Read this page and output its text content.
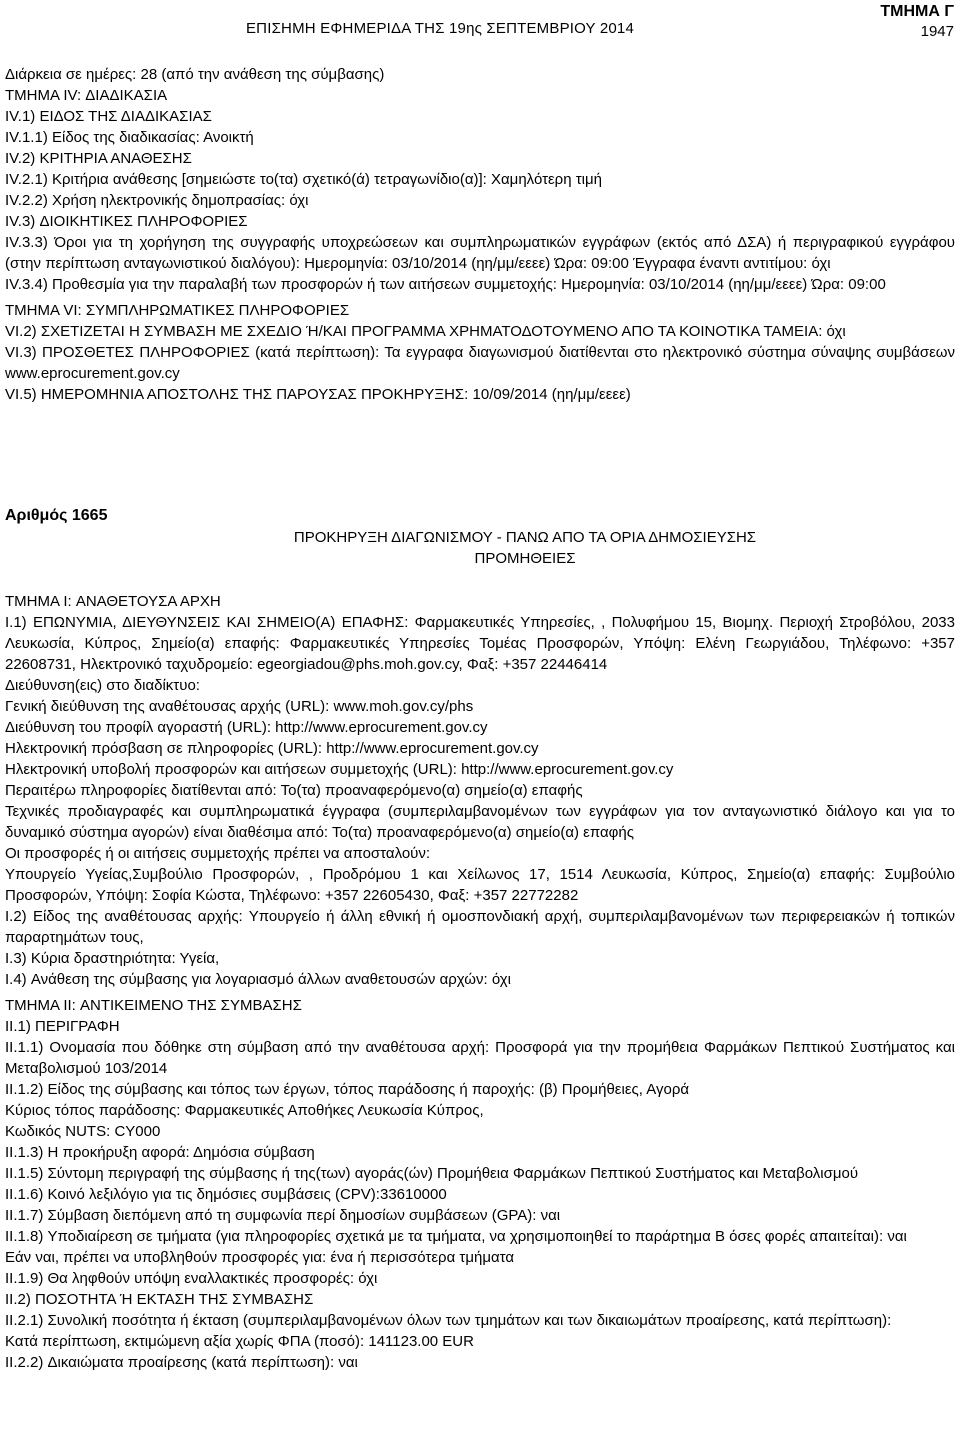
ΕΠΙΣΗΜΗ ΕΦΗΜΕΡΙΔΑ ΤΗΣ 19ης ΣΕΠΤΕΜΒΡΙΟΥ 2014
ΤΜΗΜΑ Γ
1947
Διάρκεια σε ημέρες: 28 (από την ανάθεση της σύμβασης)
ΤΜΗΜΑ IV: ΔΙΑΔΙΚΑΣΙΑ
IV.1) ΕΙΔΟΣ ΤΗΣ ΔΙΑΔΙΚΑΣΙΑΣ
IV.1.1) Είδος της διαδικασίας: Ανοικτή
IV.2) ΚΡΙΤΗΡΙΑ ΑΝΑΘΕΣΗΣ
IV.2.1) Κριτήρια ανάθεσης [σημειώστε το(τα) σχετικό(ά) τετραγωνίδιο(α)]: Χαμηλότερη τιμή
IV.2.2) Χρήση ηλεκτρονικής δημοπρασίας: όχι
IV.3) ΔΙΟΙΚΗΤΙΚΕΣ ΠΛΗΡΟΦΟΡΙΕΣ

IV.3.3) Όροι για τη χορήγηση της συγγραφής υποχρεώσεων και συμπληρωματικών εγγράφων (εκτός από ΔΣΑ) ή περιγραφικού εγγράφου (στην περίπτωση ανταγωνιστικού διαλόγου): Ημερομηνία: 03/10/2014 (ηη/μμ/εεεε) Ώρα: 09:00 Έγγραφα έναντι αντιτίμου: όχι

IV.3.4) Προθεσμία για την παραλαβή των προσφορών ή των αιτήσεων συμμετοχής: Ημερομηνία: 03/10/2014 (ηη/μμ/εεεε) Ώρα: 09:00

ΤΜΗΜΑ VI: ΣΥΜΠΛΗΡΩΜΑΤΙΚΕΣ ΠΛΗΡΟΦΟΡΙΕΣ

VI.2) ΣΧΕΤΙΖΕΤΑΙ Η ΣΥΜΒΑΣΗ ΜΕ ΣΧΕΔΙΟ Ή/ΚΑΙ ΠΡΟΓΡΑΜΜΑ ΧΡΗΜΑΤΟΔΟΤΟΥΜΕΝΟ ΑΠΟ ΤΑ ΚΟΙΝΟΤΙΚΑ ΤΑΜΕΙΑ: όχι

VI.3) ΠΡΟΣΘΕΤΕΣ ΠΛΗΡΟΦΟΡΙΕΣ (κατά περίπτωση): Τα εγγραφα διαγωνισμού διατίθενται στο ηλεκτρονικό σύστημα σύναψης συμβάσεων www.eprocurement.gov.cy

VI.5) ΗΜΕΡΟΜΗΝΙΑ ΑΠΟΣΤΟΛΗΣ ΤΗΣ ΠΑΡΟΥΣΑΣ ΠΡΟΚΗΡΥΞΗΣ: 10/09/2014 (ηη/μμ/εεεε)
Αριθμός 1665
ΠΡΟΚΗΡΥΞΗ ΔΙΑΓΩΝΙΣΜΟΥ - ΠΑΝΩ ΑΠΟ ΤΑ ΟΡΙΑ ΔΗΜΟΣΙΕΥΣΗΣ
ΠΡΟΜΗΘΕΙΕΣ
ΤΜΗΜΑ I: ΑΝΑΘΕΤΟΥΣΑ ΑΡΧΗ

I.1) ΕΠΩΝΥΜΙΑ, ΔΙΕΥΘΥΝΣΕΙΣ ΚΑΙ ΣΗΜΕΙΟ(Α) ΕΠΑΦΗΣ: Φαρμακευτικές Υπηρεσίες, , Πολυφήμου 15, Βιομηχ. Περιοχή Στροβόλου, 2033 Λευκωσία, Κύπρος, Σημείο(α) επαφής: Φαρμακευτικές Υπηρεσίες Τομέας Προσφορών, Υπόψη: Ελένη Γεωργιάδου, Τηλέφωνο: +357 22608731, Ηλεκτρονικό ταχυδρομείο: egeorgiadou@phs.moh.gov.cy, Φαξ: +357 22446414

Διεύθυνση(εις) στο διαδίκτυο:
Γενική διεύθυνση της αναθέτουσας αρχής (URL): www.moh.gov.cy/phs
Διεύθυνση του προφίλ αγοραστή (URL): http://www.eprocurement.gov.cy
Ηλεκτρονική πρόσβαση σε πληροφορίες (URL): http://www.eprocurement.gov.cy
Ηλεκτρονική υποβολή προσφορών και αιτήσεων συμμετοχής (URL): http://www.eprocurement.gov.cy
Περαιτέρω πληροφορίες διατίθενται από: Το(τα) προαναφερόμενο(α) σημείο(α) επαφής

Τεχνικές προδιαγραφές και συμπληρωματικά έγγραφα (συμπεριλαμβανομένων των εγγράφων για τον ανταγωνιστικό διάλογο και για το δυναμικό σύστημα αγορών) είναι διαθέσιμα από: Το(τα) προαναφερόμενο(α) σημείο(α) επαφής

Οι προσφορές ή οι αιτήσεις συμμετοχής πρέπει να αποσταλούν:

Υπουργείο Υγείας,Συμβούλιο Προσφορών, , Προδρόμου 1 και Χείλωνος 17, 1514 Λευκωσία, Κύπρος, Σημείο(α) επαφής: Συμβούλιο Προσφορών, Υπόψη: Σοφία Κώστα, Τηλέφωνο: +357 22605430, Φαξ: +357 22772282

I.2) Είδος της αναθέτουσας αρχής: Υπουργείο ή άλλη εθνική ή ομοσπονδιακή αρχή, συμπεριλαμβανομένων των περιφερειακών ή τοπικών παραρτημάτων τους,

I.3) Κύρια δραστηριότητα: Υγεία,
I.4) Ανάθεση της σύμβασης για λογαριασμό άλλων αναθετουσών αρχών: όχι
ΤΜΗΜΑ II: ΑΝΤΙΚΕΙΜΕΝΟ ΤΗΣ ΣΥΜΒΑΣΗΣ
II.1) ΠΕΡΙΓΡΑΦΗ

II.1.1) Ονομασία που δόθηκε στη σύμβαση από την αναθέτουσα αρχή: Προσφορά για την προμήθεια Φαρμάκων Πεπτικού Συστήματος και Μεταβολισμού 103/2014

II.1.2) Είδος της σύμβασης και τόπος των έργων, τόπος παράδοσης ή παροχής: (β) Προμήθειες, Αγορά
Κύριος τόπος παράδοσης: Φαρμακευτικές Αποθήκες Λευκωσία Κύπρος,
Κωδικός NUTS: CY000
II.1.3) Η προκήρυξη αφορά: Δημόσια σύμβαση

II.1.5) Σύντομη περιγραφή της σύμβασης ή της(των) αγοράς(ών) Προμήθεια Φαρμάκων Πεπτικού Συστήματος και Μεταβολισμού

II.1.6) Κοινό λεξιλόγιο για τις δημόσιες συμβάσεις (CPV):33610000
II.1.7) Σύμβαση διεπόμενη από τη συμφωνία περί δημοσίων συμβάσεων (GPA): ναι

II.1.8) Υποδιαίρεση σε τμήματα (για πληροφορίες σχετικά με τα τμήματα, να χρησιμοποιηθεί το παράρτημα Β όσες φορές απαιτείται): ναι

Εάν ναι, πρέπει να υποβληθούν προσφορές για: ένα ή περισσότερα τμήματα
II.1.9) Θα ληφθούν υπόψη εναλλακτικές προσφορές: όχι
II.2) ΠΟΣΟΤΗΤΑ Ή ΕΚΤΑΣΗ ΤΗΣ ΣΥΜΒΑΣΗΣ

II.2.1) Συνολική ποσότητα ή έκταση (συμπεριλαμβανομένων όλων των τμημάτων και των δικαιωμάτων προαίρεσης, κατά περίπτωση):

Κατά περίπτωση, εκτιμώμενη αξία χωρίς ΦΠΑ (ποσό): 141123.00 EUR
II.2.2) Δικαιώματα προαίρεσης (κατά περίπτωση): ναι
